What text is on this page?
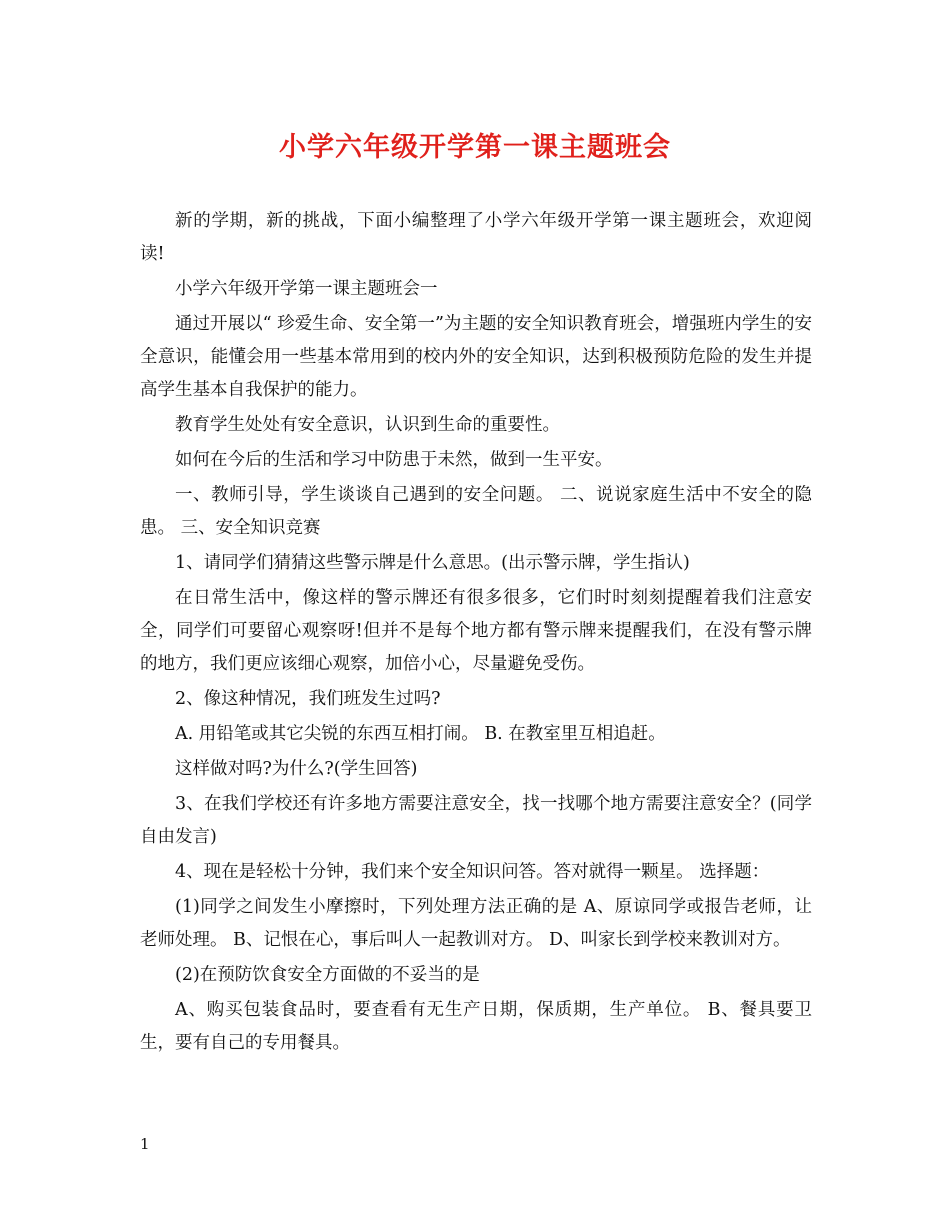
小学六年级开学第一课主题班会

新的学期，新的挑战，下面小编整理了小学六年级开学第一课主题班会，欢迎阅读!

小学六年级开学第一课主题班会一

通过开展以“ 珍爱生命、安全第一”为主题的安全知识教育班会，增强班内学生的安全意识，能懂会用一些基本常用到的校内外的安全知识，达到积极预防危险的发生并提高学生基本自我保护的能力。

教育学生处处有安全意识，认识到生命的重要性。

如何在今后的生活和学习中防患于未然，做到一生平安。

一、教师引导，学生谈谈自己遇到的安全问题。 二、说说家庭生活中不安全的隐患。 三、安全知识竞赛

1、请同学们猜猜这些警示牌是什么意思。(出示警示牌，学生指认)

在日常生活中，像这样的警示牌还有很多很多，它们时时刻刻提醒着我们注意安全，同学们可要留心观察呀!但并不是每个地方都有警示牌来提醒我们，在没有警示牌的地方，我们更应该细心观察，加倍小心，尽量避免受伤。

2、像这种情况，我们班发生过吗?

A. 用铅笔或其它尖锐的东西互相打闹。 B. 在教室里互相追赶。

这样做对吗?为什么?(学生回答)

3、在我们学校还有许多地方需要注意安全，找一找哪个地方需要注意安全？(同学自由发言)

4、现在是轻松十分钟，我们来个安全知识问答。答对就得一颗星。 选择题：

(1)同学之间发生小摩擦时，下列处理方法正确的是 A、原谅同学或报告老师，让老师处理。 B、记恨在心，事后叫人一起教训对方。 D、叫家长到学校来教训对方。

(2)在预防饮食安全方面做的不妥当的是

A、购买包装食品时，要查看有无生产日期，保质期，生产单位。 B、餐具要卫生，要有自己的专用餐具。

1
